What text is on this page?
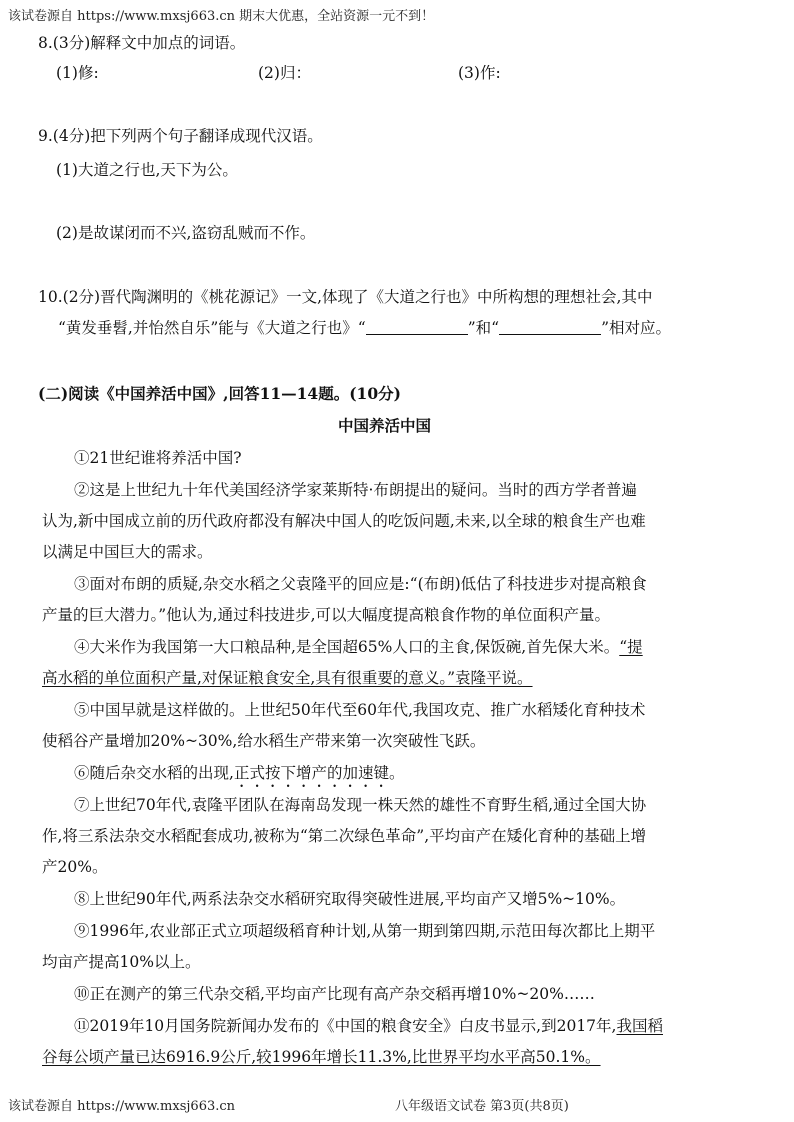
该试卷源自 https://www.mxsj663.cn 期末大优惠，全站资源一元不到！
8.(3分)解释文中加点的词语。
(1)修:	(2)归：	(3)作:
9.(4分)把下列两个句子翻译成现代汉语。
(1)大道之行也,天下为公。
(2)是故谋闭而不兴,盗窃乱贼而不作。
10.(2分)晋代陶渊明的《桃花源记》一文,体现了《大道之行也》中所构想的理想社会,其中
“黄发垂髫,并怡然自乐”能与《大道之行也》“	”和“	”相对应。
(二)阅读《中国养活中国》,回答11—14题。(10分)
中国养活中国
①21世纪谁将养活中国?
②这是上世纪九十年代美国经济学家莱斯特·布朗提出的疑问。当时的西方学者普遍
认为,新中国成立前的历代政府都没有解决中国人的吃饭问题,未来,以全球的粮食生产也难
以满足中国巨大的需求。
③面对布朗的质疑,杂交水稻之父袁隆平的回应是:“(布朗)低估了科技进步对提高粮食
产量的巨大潜力。”他认为,通过科技进步,可以大幅度提高粮食作物的单位面积产量。
④大米作为我国第一大口粮品种,是全国超65%人口的主食,保饭碗,首先保大米。“提
高水稻的单位面积产量,对保证粮食安全,具有很重要的意义。”袁隆平说。
⑤中国早就是这样做的。上世纪50年代至60年代,我国攻克、推广水稻矮化育种技术
使稻谷产量增加20%~30%,给水稻生产带来第一次突破性飞跃。
⑥随后杂交水稻的出现,正式按下增产的加速键。
⑦上世纪70年代,袁隆平团队在海南岛发现一株天然的雄性不育野生稻,通过全国大协
作,将三系法杂交水稻配套成功,被称为“第二次绿色革命”,平均亩产在矮化育种的基础上增
产20%。
⑧上世纪90年代,两系法杂交水稻研究取得突破性进展,平均亩产又增5%~10%。
⑨1996年,农业部正式立项超级稻育种计划,从第一期到第四期,示范田每次都比上期平
均亩产提高10%以上。
⑩正在测产的第三代杂交稻,平均亩产比现有高产杂交稻再增10%~20%……
⑪2019年10月国务院新闻办发布的《中国的粮食安全》白皮书显示,到2017年,我国稻
谷每公顷产量已达6916.9公斤,较1996年增长11.3%,比世界平均水平高50.1%。
该试卷源自 https://www.mxsj663.cn	八年级语文试卷 第3页(共8页)
